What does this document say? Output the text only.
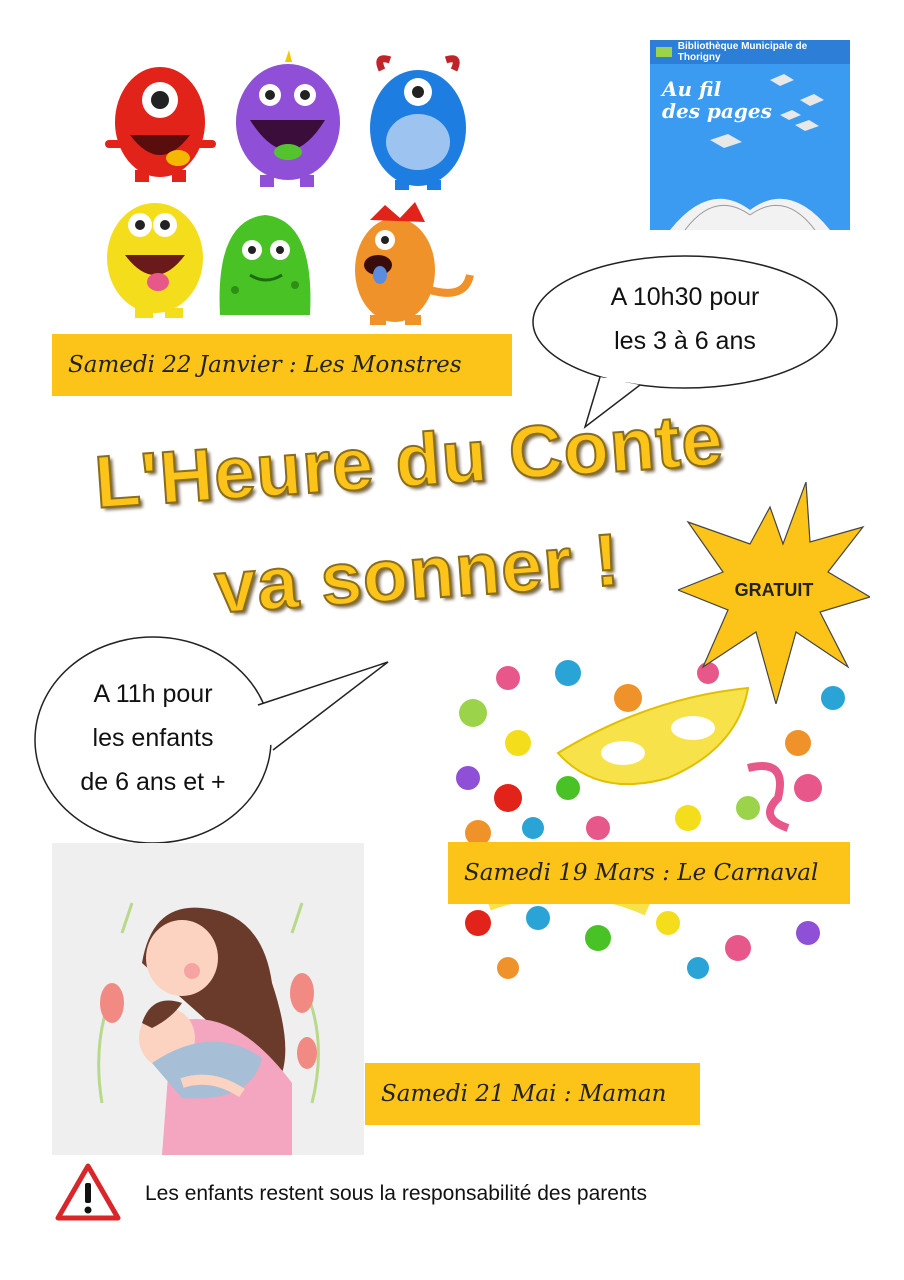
Bibliothèque Municipale de Thorigny
Au fil
des pages
A 10h30 pour
les 3 à 6 ans
Samedi 22 Janvier : Les Monstres
L'Heure du Conte
va sonner !
Samedi 19 Mars : Le Carnaval
GRATUIT
A 11h pour
les enfants
de 6 ans et +
Samedi 21 Mai : Maman
Les enfants restent sous la responsabilité des parents
